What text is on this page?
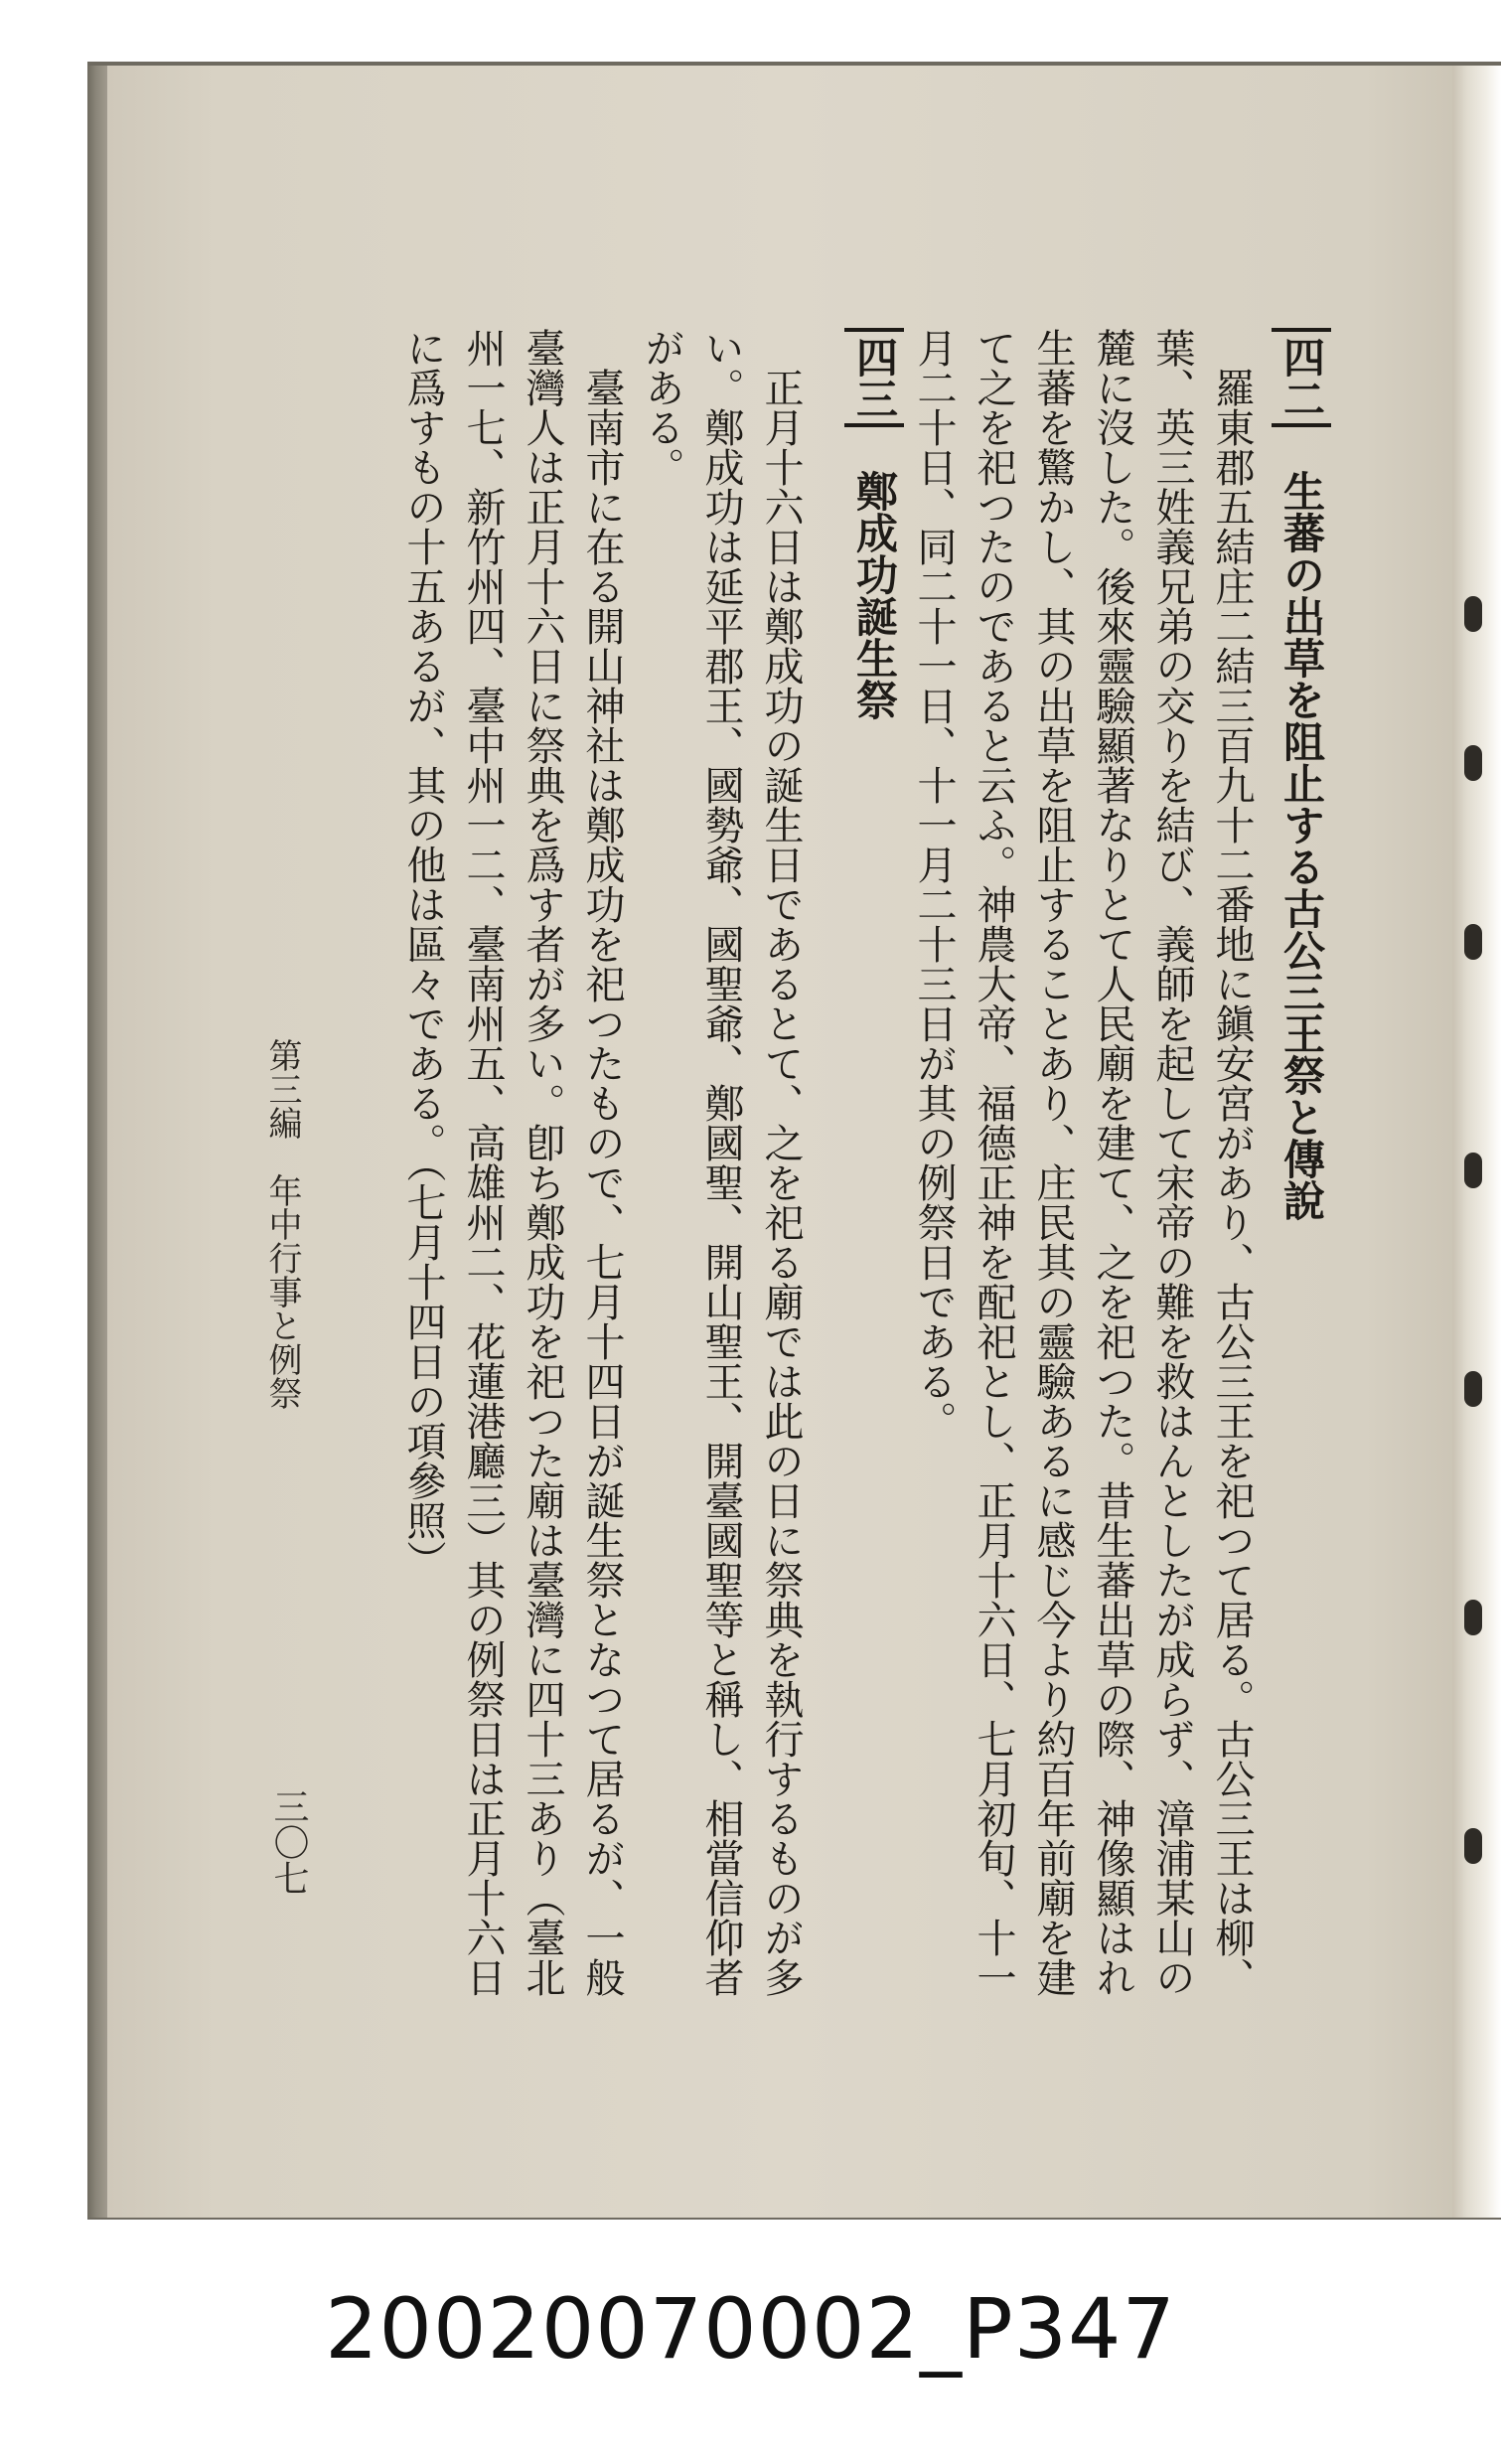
四二 生蕃の出草を阻止する古公三王祭と傳說

羅東郡五結庄二結三百九十二番地に鎭安宮があり、古公三王を祀つて居る。古公三王は柳、葉、英三姓義兄弟の交りを結び、義師を起して宋帝の難を救はんとしたが成らず、漳浦某山の麓に沒した。後來靈驗顯著なりとて人民廟を建て、之を祀つた。昔生蕃出草の際、神像顯はれ生蕃を驚かし、其の出草を阻止することあり、庄民其の靈驗あるに感じ今より約百年前廟を建て之を祀つたのであると云ふ。神農大帝、福德正神を配祀とし、正月十六日、七月初旬、十一月二十日、同二十一日、十一月二十三日が其の例祭日である。

四三 鄭成功誕生祭

正月十六日は鄭成功の誕生日であるとて、之を祀る廟では此の日に祭典を執行するものが多い。鄭成功は延平郡王、國勢爺、國聖爺、鄭國聖、開山聖王、開臺國聖等と稱し、相當信仰者がある。

臺南市に在る開山神社は鄭成功を祀つたもので、七月十四日が誕生祭となつて居るが、一般臺灣人は正月十六日に祭典を爲す者が多い。卽ち鄭成功を祀つた廟は臺灣に四十三あり（臺北州一七、新竹州四、臺中州一二、臺南州五、高雄州二、花蓮港廳三）其の例祭日は正月十六日に爲すもの十五あるが、其の他は區々である。（七月十四日の項參照）

第三編　年中行事と例祭
三〇七
20020070002_P347
